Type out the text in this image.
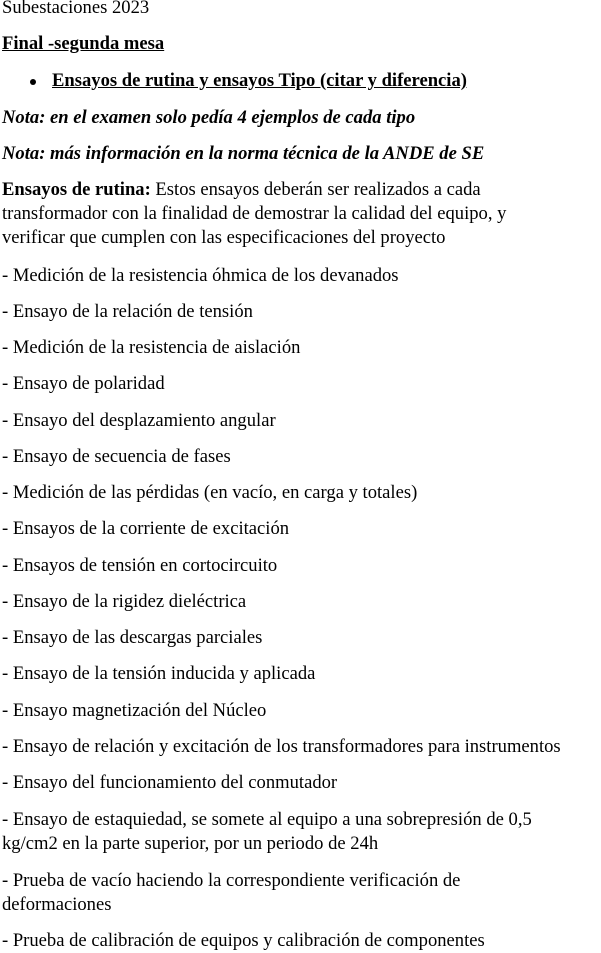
Subestaciones 2023
Final -segunda mesa
Ensayos de rutina y ensayos Tipo (citar y diferencia)
Nota: en el examen solo pedía 4 ejemplos de cada tipo
Nota: más información en la norma técnica de la ANDE de SE
Ensayos de rutina: Estos ensayos deberán ser realizados a cada
transformador con la finalidad de demostrar la calidad del equipo, y
verificar que cumplen con las especificaciones del proyecto
- Medición de la resistencia óhmica de los devanados
- Ensayo de la relación de tensión
- Medición de la resistencia de aislación
- Ensayo de polaridad
- Ensayo del desplazamiento angular
- Ensayo de secuencia de fases
- Medición de las pérdidas (en vacío, en carga y totales)
- Ensayos de la corriente de excitación
- Ensayos de tensión en cortocircuito
- Ensayo de la rigidez dieléctrica
- Ensayo de las descargas parciales
- Ensayo de la tensión inducida y aplicada
- Ensayo magnetización del Núcleo
- Ensayo de relación y excitación de los transformadores para instrumentos
- Ensayo del funcionamiento del conmutador
- Ensayo de estaquiedad, se somete al equipo a una sobrepresión de 0,5
kg/cm2 en la parte superior, por un periodo de 24h
- Prueba de vacío haciendo la correspondiente verificación de
deformaciones
- Prueba de calibración de equipos y calibración de componentes
